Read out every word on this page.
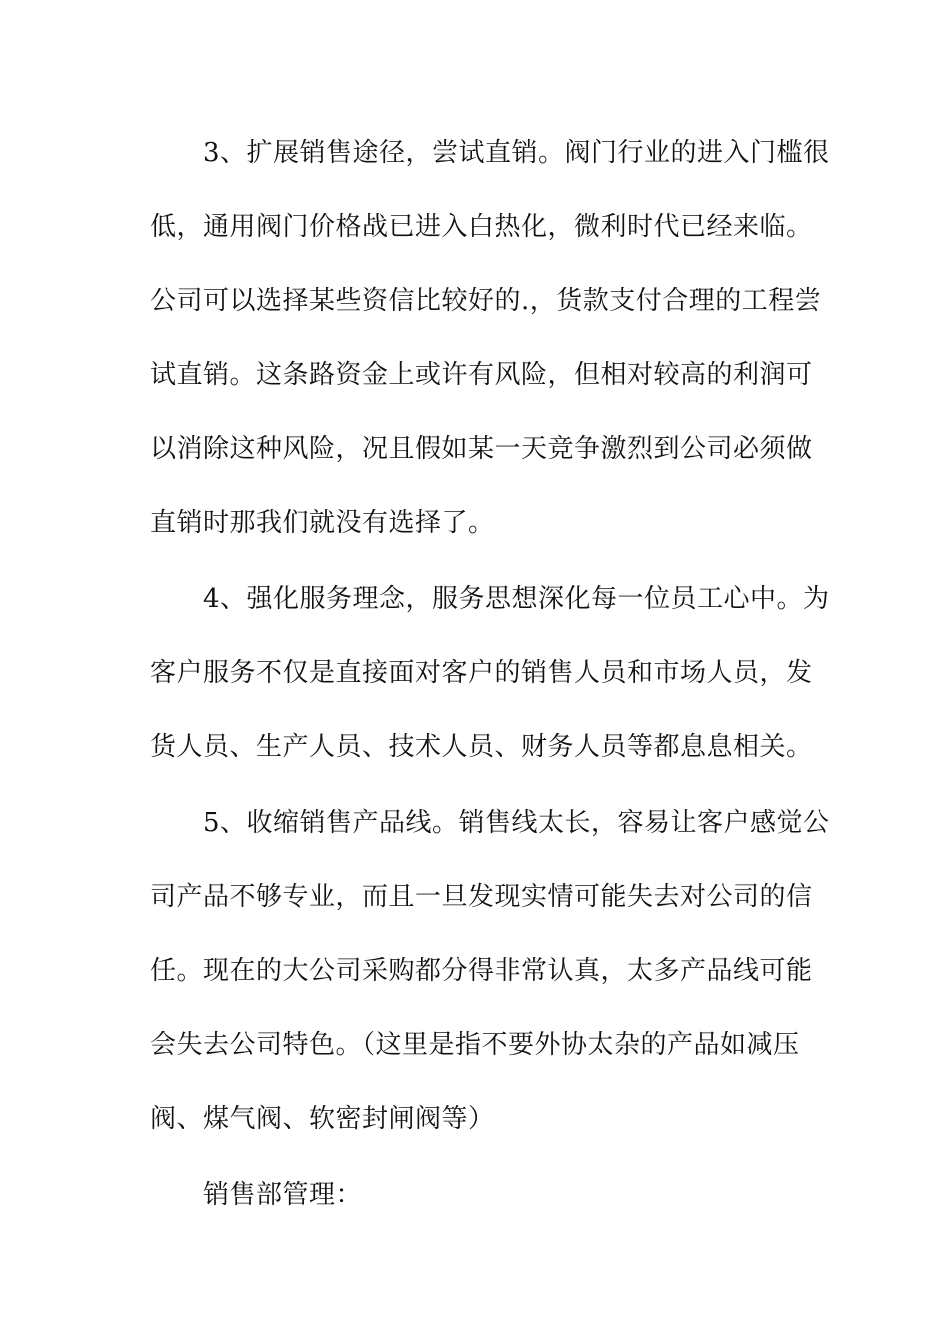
3、扩展销售途径，尝试直销。阀门行业的进入门槛很
低，通用阀门价格战已进入白热化，微利时代已经来临。
公司可以选择某些资信比较好的.，货款支付合理的工程尝
试直销。这条路资金上或许有风险，但相对较高的利润可
以消除这种风险，况且假如某一天竞争激烈到公司必须做
直销时那我们就没有选择了。
4、强化服务理念，服务思想深化每一位员工心中。为
客户服务不仅是直接面对客户的销售人员和市场人员，发
货人员、生产人员、技术人员、财务人员等都息息相关。
5、收缩销售产品线。销售线太长，容易让客户感觉公
司产品不够专业，而且一旦发现实情可能失去对公司的信
任。现在的大公司采购都分得非常认真，太多产品线可能
会失去公司特色。（这里是指不要外协太杂的产品如减压
阀、煤气阀、软密封闸阀等）
销售部管理：
